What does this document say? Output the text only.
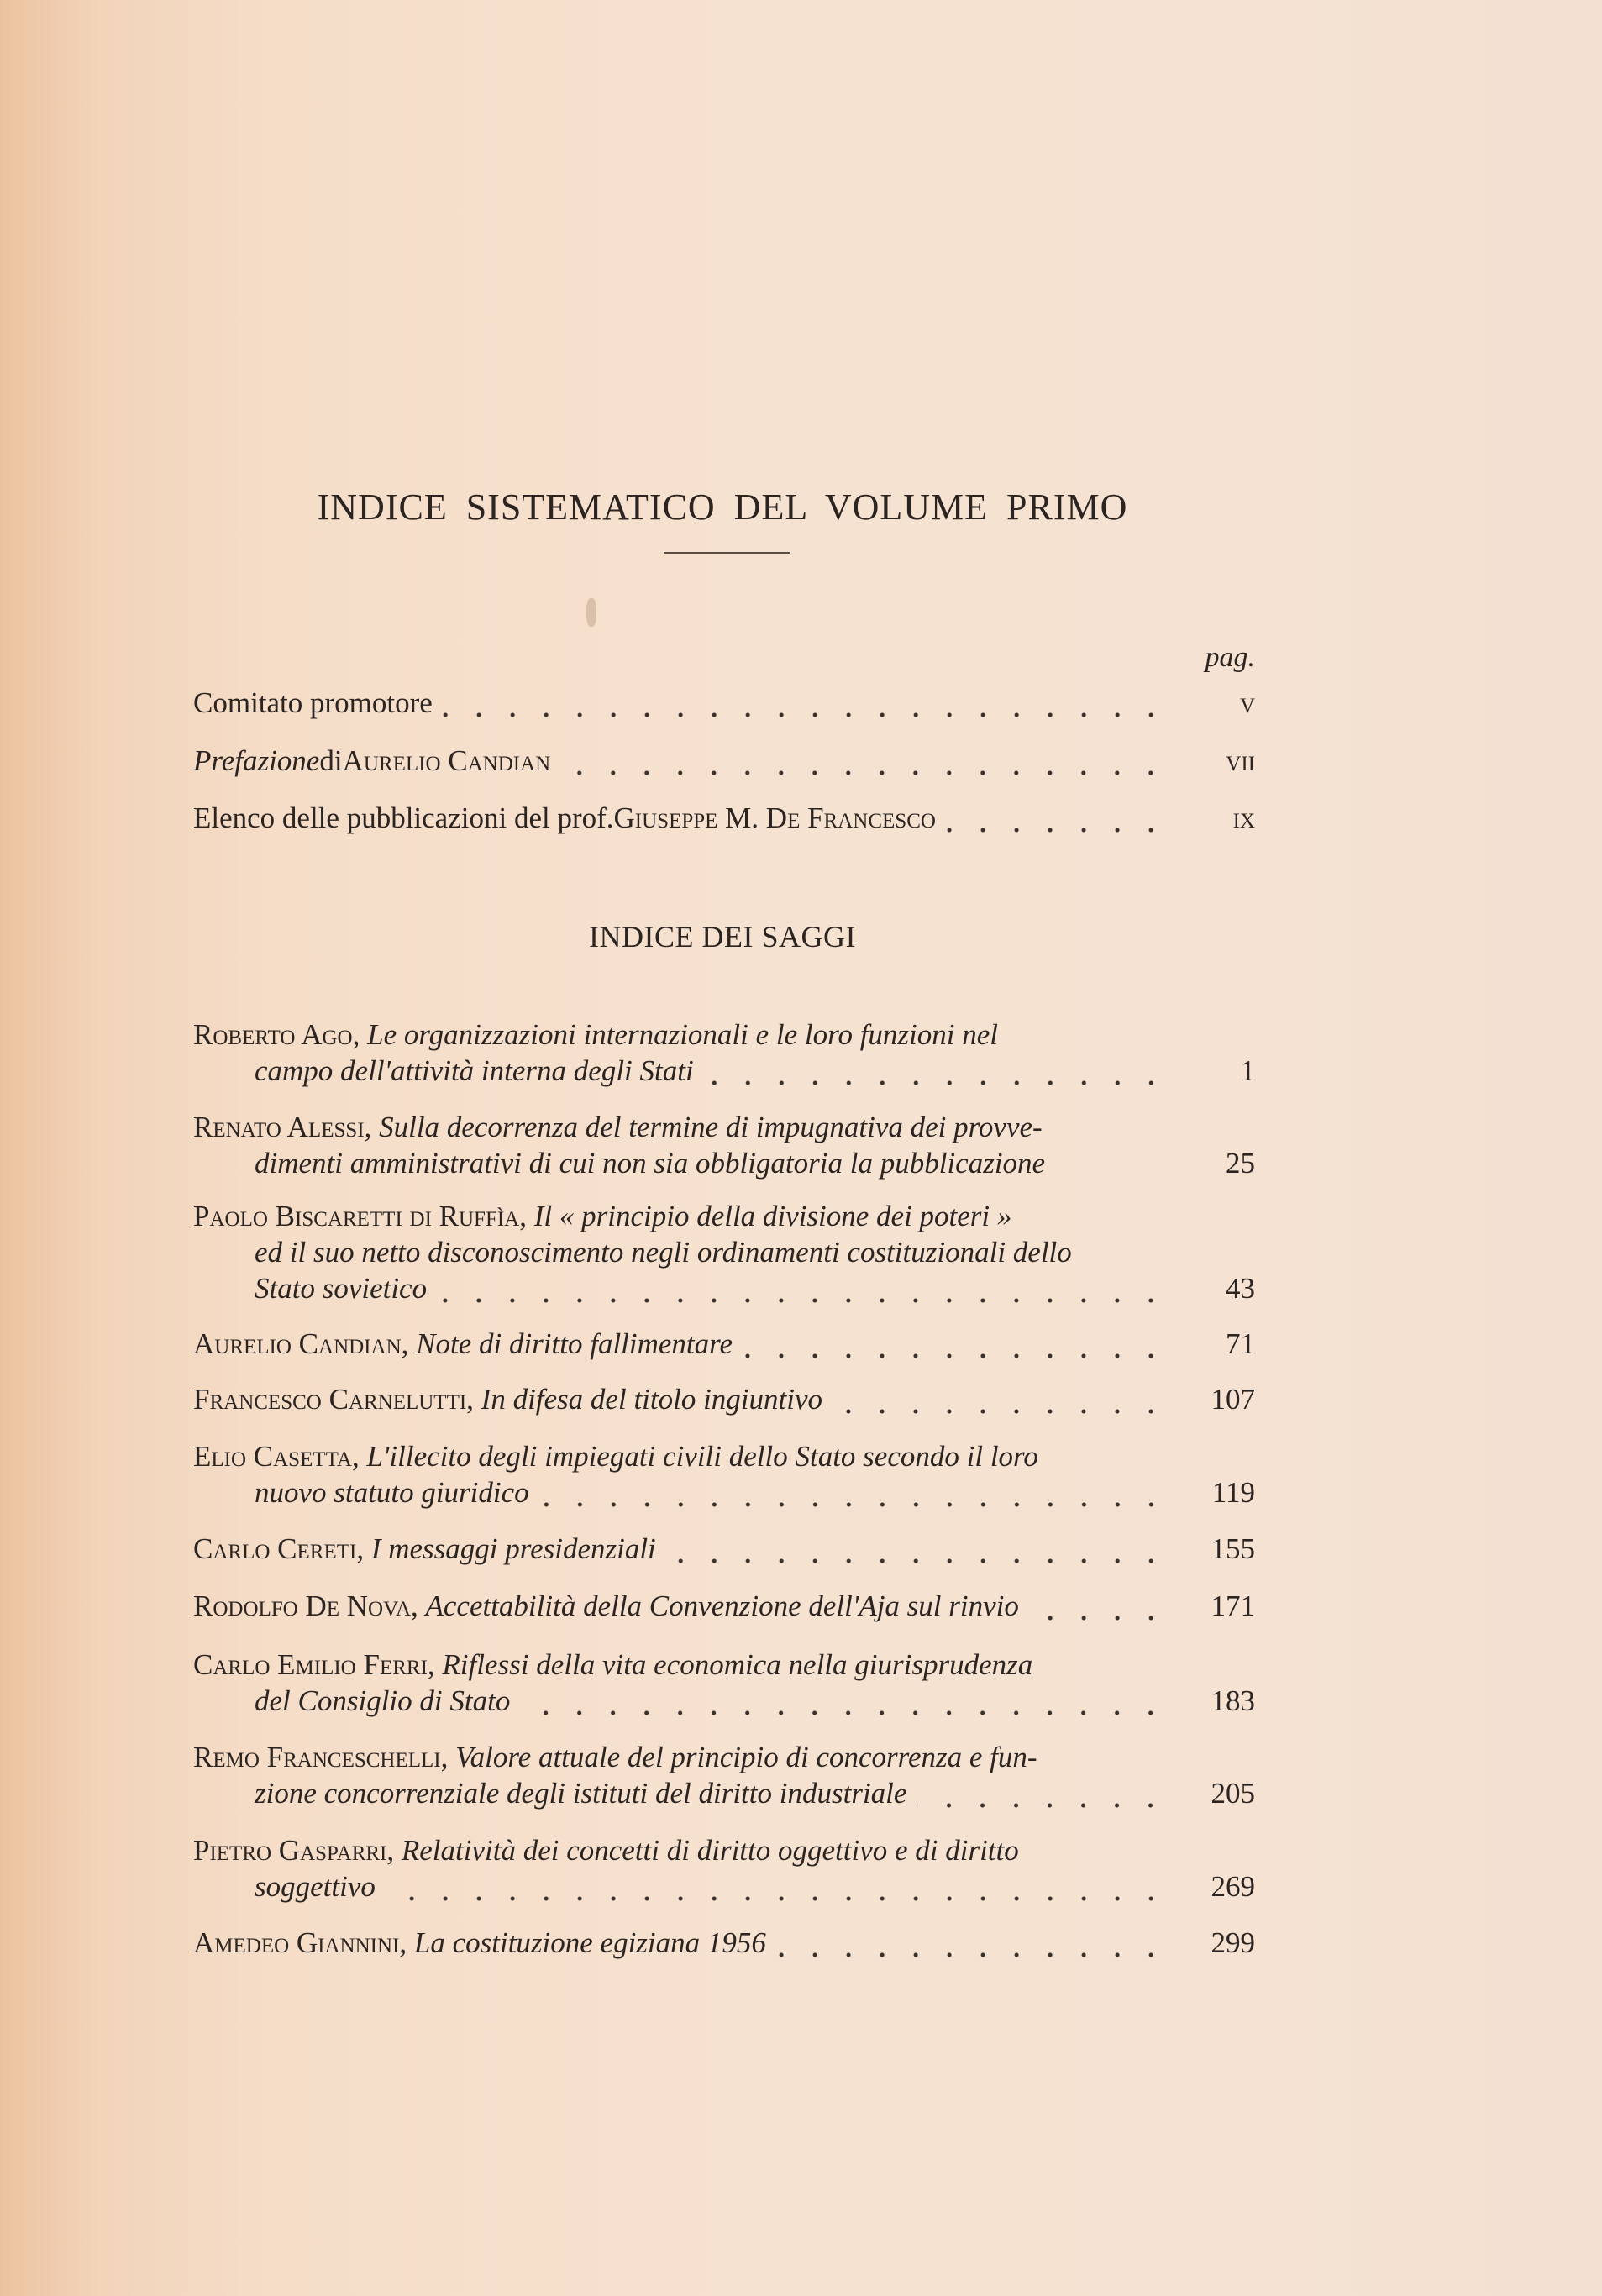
INDICE SISTEMATICO DEL VOLUME PRIMO
pag.
INDICE DEI SAGGI
Comitato promotore	v
Prefazione di Aurelio Candian	vii
Elenco delle pubblicazioni del prof. Giuseppe M. De Francesco	ix
Roberto Ago , Le organizzazioni internazionali e le loro funzioni nel
campo dell'attività interna degli Stati	1
Renato Alessi , Sulla decorrenza del termine di impugnativa dei provve-
dimenti amministrativi di cui non sia obbligatoria la pubblicazione	25
Paolo Biscaretti di Ruffìa , Il « principio della divisione dei poteri »
ed il suo netto disconoscimento negli ordinamenti costituzionali dello
Stato sovietico	43
Aurelio Candian , Note di diritto fallimentare	71
Francesco Carnelutti , In difesa del titolo ingiuntivo	107
Elio Casetta , L'illecito degli impiegati civili dello Stato secondo il loro
nuovo statuto giuridico	119
Carlo Cereti , I messaggi presidenziali	155
Rodolfo De Nova , Accettabilità della Convenzione dell'Aja sul rinvio	171
Carlo Emilio Ferri , Riflessi della vita economica nella giurisprudenza
del Consiglio di Stato	183
Remo Franceschelli , Valore attuale del principio di concorrenza e fun-
zione concorrenziale degli istituti del diritto industriale	205
Pietro Gasparri , Relatività dei concetti di diritto oggettivo e di diritto
soggettivo	269
Amedeo Giannini , La costituzione egiziana 1956	299
